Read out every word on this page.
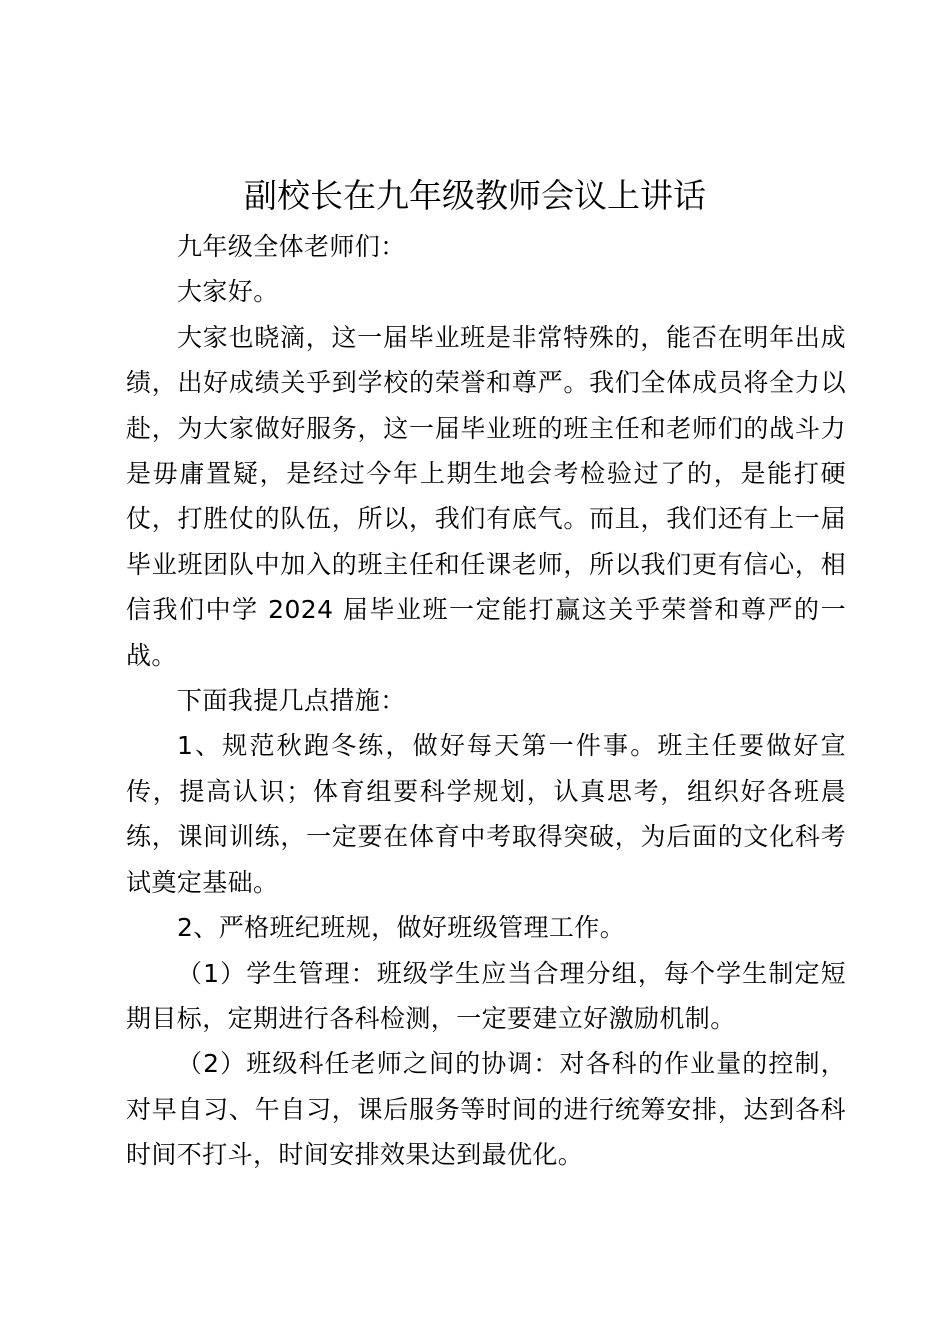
副校长在九年级教师会议上讲话

九年级全体老师们：

大家好。

大家也晓滴，这一届毕业班是非常特殊的，能否在明年出成绩，出好成绩关乎到学校的荣誉和尊严。我们全体成员将全力以赴，为大家做好服务，这一届毕业班的班主任和老师们的战斗力是毋庸置疑，是经过今年上期生地会考检验过了的，是能打硬仗，打胜仗的队伍，所以，我们有底气。而且，我们还有上一届毕业班团队中加入的班主任和任课老师，所以我们更有信心，相信我们中学 2024 届毕业班一定能打赢这关乎荣誉和尊严的一战。

下面我提几点措施：

1、规范秋跑冬练，做好每天第一件事。班主任要做好宣传，提高认识；体育组要科学规划，认真思考，组织好各班晨练，课间训练，一定要在体育中考取得突破，为后面的文化科考试奠定基础。

2、严格班纪班规，做好班级管理工作。

（1）学生管理：班级学生应当合理分组，每个学生制定短期目标，定期进行各科检测，一定要建立好激励机制。

（2）班级科任老师之间的协调：对各科的作业量的控制，对早自习、午自习，课后服务等时间的进行统筹安排，达到各科时间不打斗，时间安排效果达到最优化。
